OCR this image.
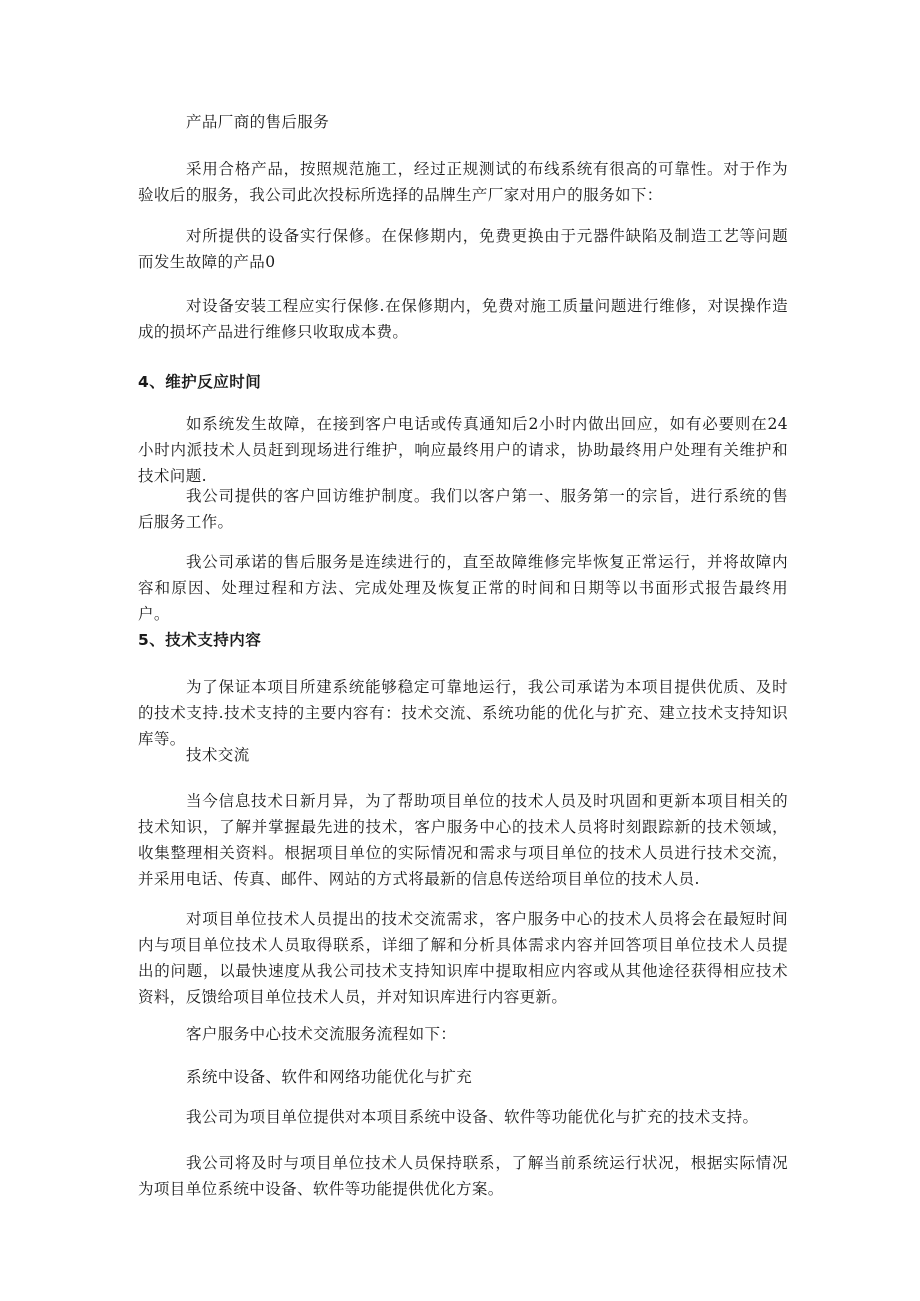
产品厂商的售后服务
采用合格产品，按照规范施工，经过正规测试的布线系统有很高的可靠性。对于作为验收后的服务，我公司此次投标所选择的品牌生产厂家对用户的服务如下：
对所提供的设备实行保修。在保修期内，免费更换由于元器件缺陷及制造工艺等问题而发生故障的产品0
对设备安装工程应实行保修.在保修期内，免费对施工质量问题进行维修，对误操作造成的损坏产品进行维修只收取成本费。
4、维护反应时间
如系统发生故障，在接到客户电话或传真通知后2小时内做出回应，如有必要则在24小时内派技术人员赶到现场进行维护，响应最终用户的请求，协助最终用户处理有关维护和技术问题.
我公司提供的客户回访维护制度。我们以客户第一、服务第一的宗旨，进行系统的售后服务工作。
我公司承诺的售后服务是连续进行的，直至故障维修完毕恢复正常运行，并将故障内容和原因、处理过程和方法、完成处理及恢复正常的时间和日期等以书面形式报告最终用户。
5、技术支持内容
为了保证本项目所建系统能够稳定可靠地运行，我公司承诺为本项目提供优质、及时的技术支持.技术支持的主要内容有：技术交流、系统功能的优化与扩充、建立技术支持知识库等。
技术交流
当今信息技术日新月异，为了帮助项目单位的技术人员及时巩固和更新本项目相关的技术知识，了解并掌握最先进的技术，客户服务中心的技术人员将时刻跟踪新的技术领域，收集整理相关资料。根据项目单位的实际情况和需求与项目单位的技术人员进行技术交流，并采用电话、传真、邮件、网站的方式将最新的信息传送给项目单位的技术人员.
对项目单位技术人员提出的技术交流需求，客户服务中心的技术人员将会在最短时间内与项目单位技术人员取得联系，详细了解和分析具体需求内容并回答项目单位技术人员提出的问题，以最快速度从我公司技术支持知识库中提取相应内容或从其他途径获得相应技术资料，反馈给项目单位技术人员，并对知识库进行内容更新。
客户服务中心技术交流服务流程如下：
系统中设备、软件和网络功能优化与扩充
我公司为项目单位提供对本项目系统中设备、软件等功能优化与扩充的技术支持。
我公司将及时与项目单位技术人员保持联系，了解当前系统运行状况，根据实际情况为项目单位系统中设备、软件等功能提供优化方案。
